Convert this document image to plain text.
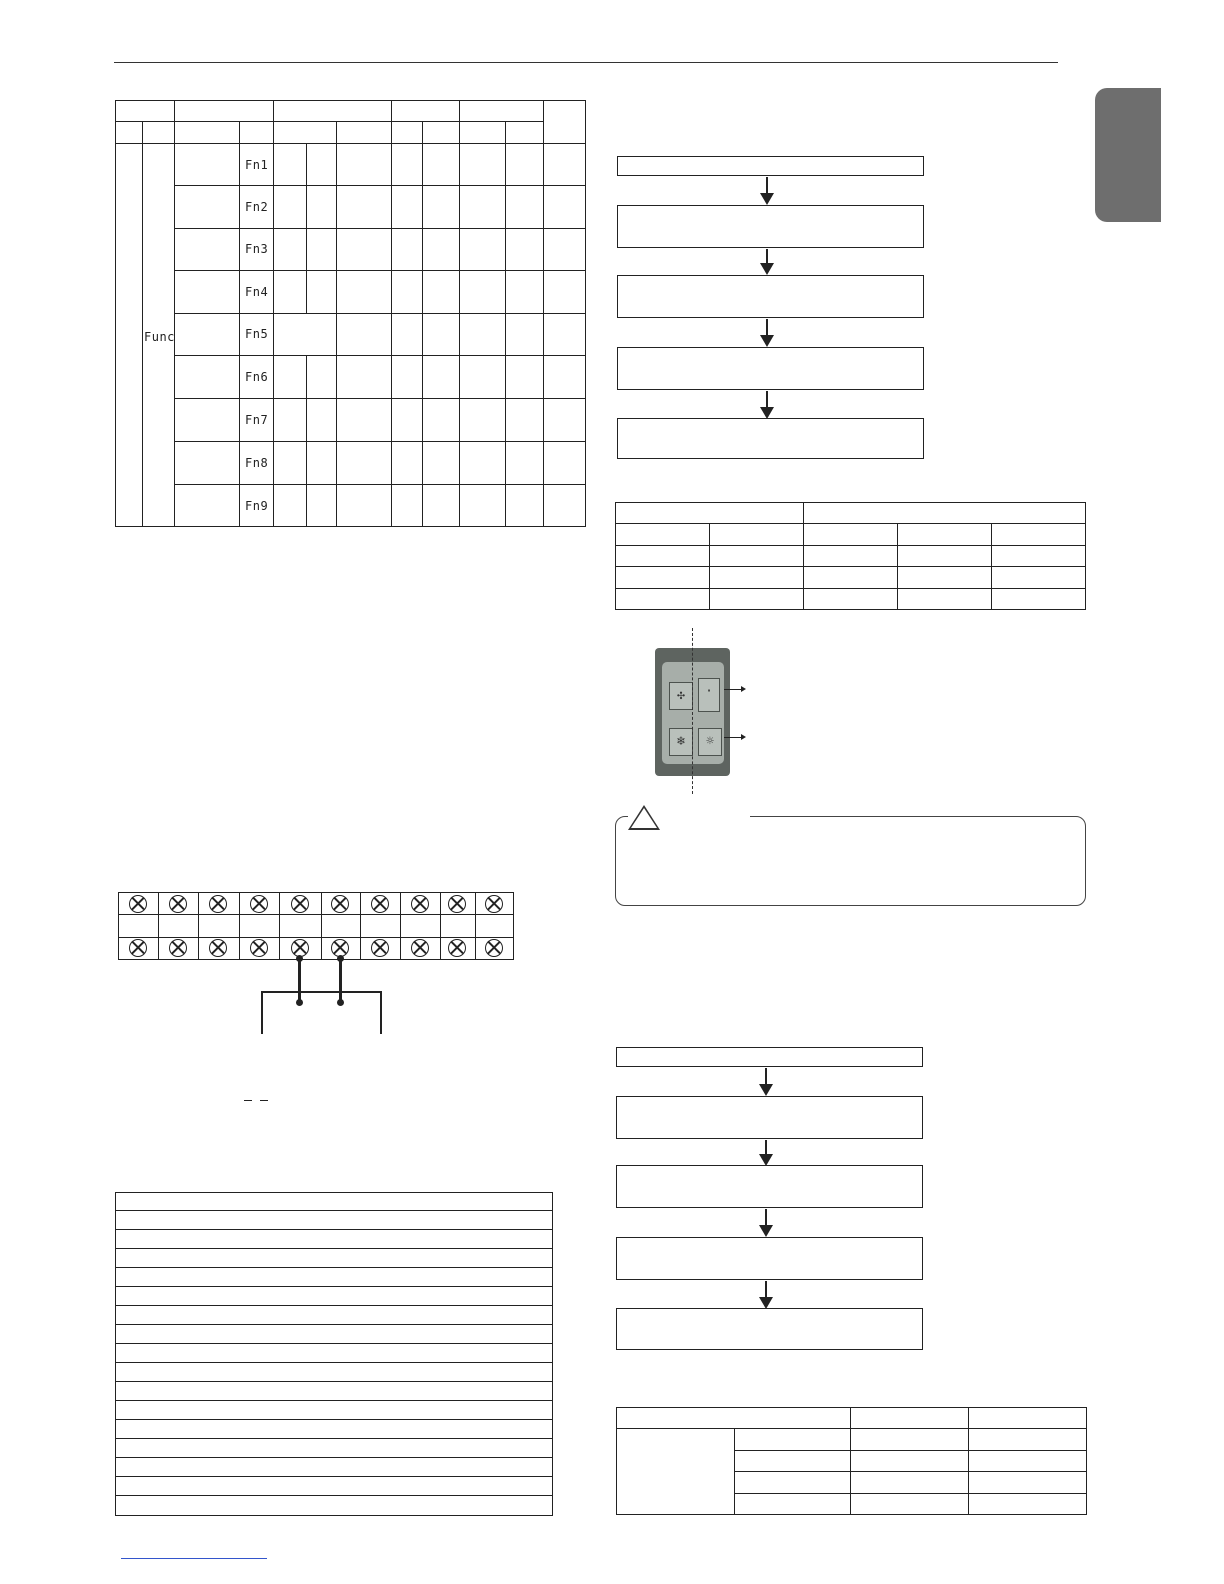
Func
Fn1
Fn2
Fn3
Fn4
Fn5
Fn6
Fn7
Fn8
Fn9
✣	·
❄	☼
